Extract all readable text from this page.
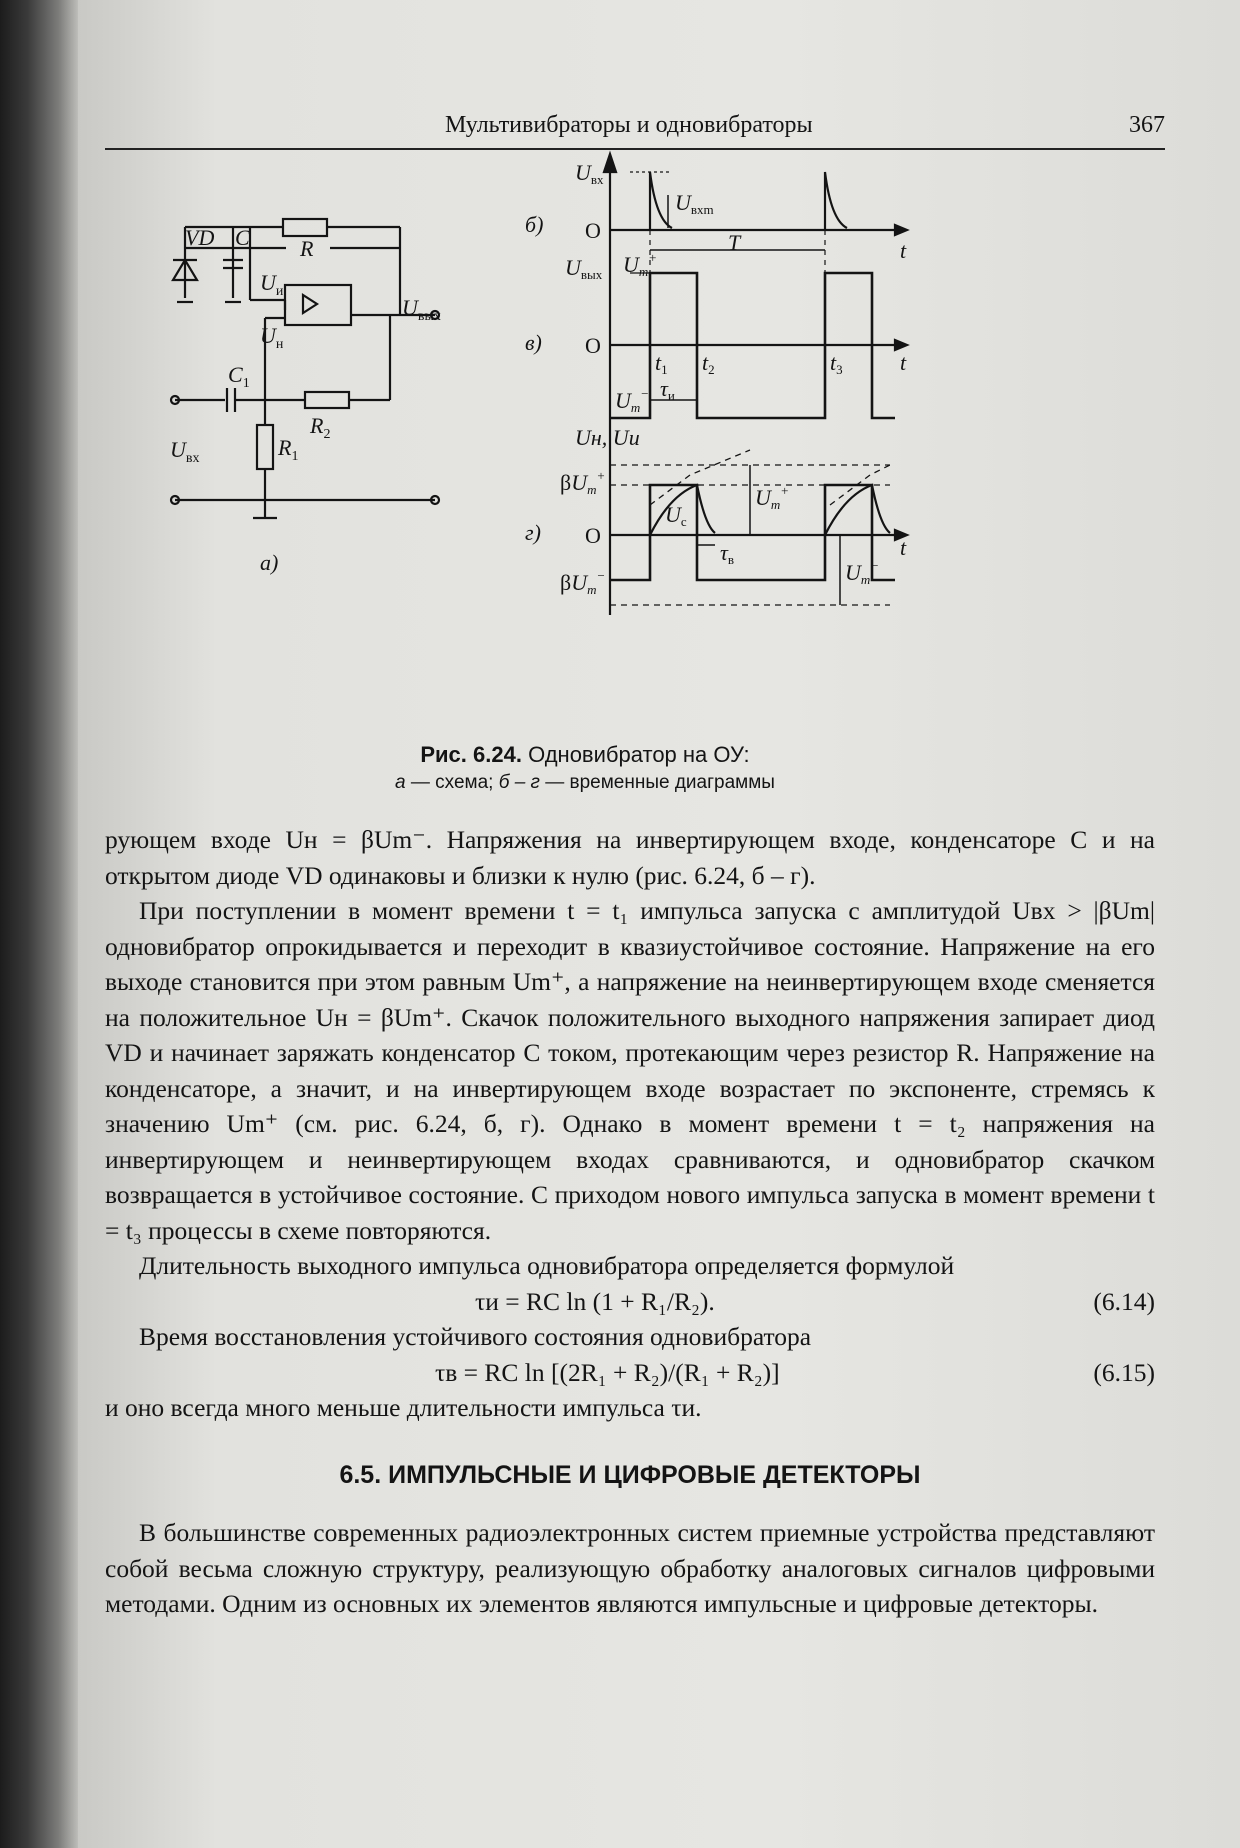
Мультивибраторы и одновибраторы	367
VD C R
$U_и$
$U_н$
$U_{вых}$
$C_1$
$R_2$
$R_1$
$U_{вх}$
а)
Uвх
Uвхm
б) O
t
T
Uвых Um+
в) O
t
t1 t2	t3
τи
Um−
Uн, Uи
βUm+
Um+
Uc
г) O	t
τв
Um−
βUm−
Рис. 6.24. Одновибратор на ОУ:
а — схема; б – г — временные диаграммы

рующем входе Uн = βUm⁻. Напряжения на инвертирующем входе, конденсаторе C и на открытом диоде VD одинаковы и близки к нулю (рис. 6.24, б – г).

При поступлении в момент времени t = t₁ импульса запуска с амплитудой Uвх > |βUm| одновибратор опрокидывается и переходит в квазиустойчивое состояние. Напряжение на его выходе становится при этом равным Um⁺, а напряжение на неинвертирующем входе сменяется на положительное Uн = βUm⁺. Скачок положительного выходного напряжения запирает диод VD и начинает заряжать конденсатор C током, протекающим через резистор R. Напряжение на конденсаторе, а значит, и на инвертирующем входе возрастает по экспоненте, стремясь к значению Um⁺ (см. рис. 6.24, б, г). Однако в момент времени t = t₂ напряжения на инвертирующем и неинвертирующем входах сравниваются, и одновибратор скачком возвращается в устойчивое состояние. С приходом нового импульса запуска в момент времени t = t₃ процессы в схеме повторяются.

Длительность выходного импульса одновибратора определяется формулой

τи = RC ln (1 + R₁/R₂).	(6.14)

Время восстановления устойчивого состояния одновибратора

τв = RC ln [(2R₁ + R₂)/(R₁ + R₂)]	(6.15)

и оно всегда много меньше длительности импульса τи.

6.5. ИМПУЛЬСНЫЕ И ЦИФРОВЫЕ ДЕТЕКТОРЫ

В большинстве современных радиоэлектронных систем приемные устройства представляют собой весьма сложную структуру, реализующую обработку аналоговых сигналов цифровыми методами. Одним из основных их элементов являются импульсные и цифровые детекторы.
